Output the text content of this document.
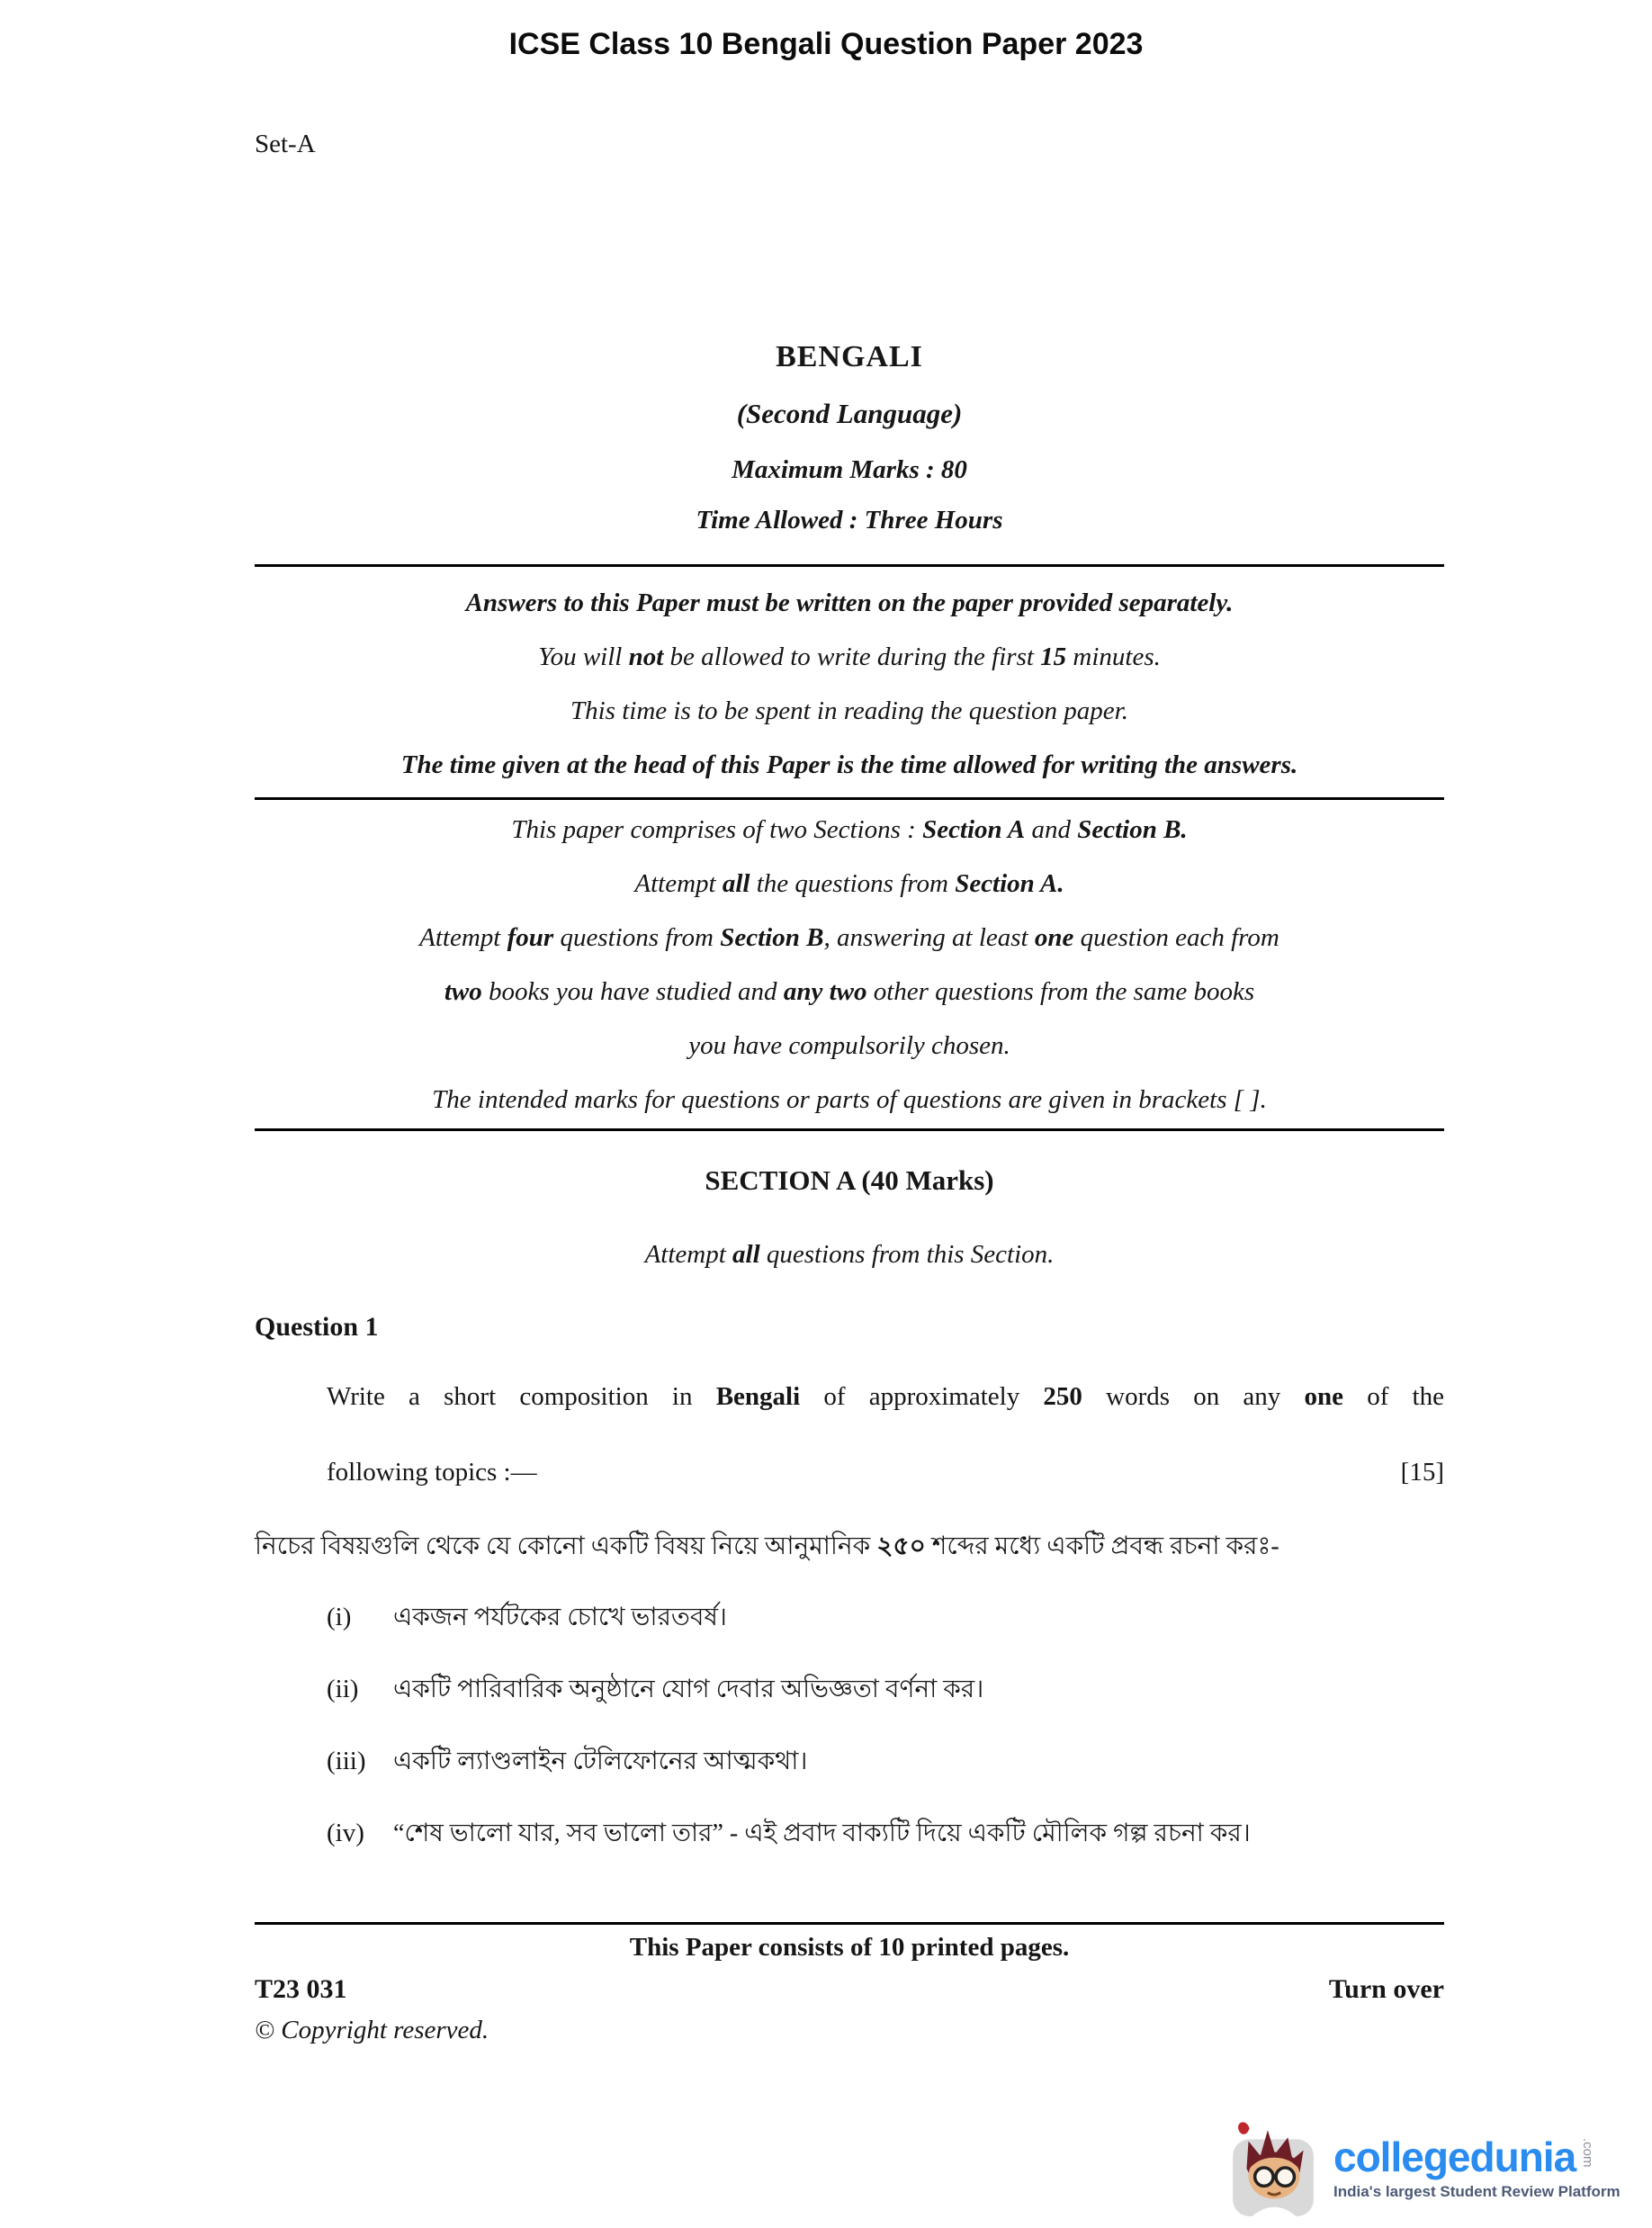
ICSE Class 10 Bengali Question Paper 2023
Set-A
BENGALI
(Second Language)
Maximum Marks : 80
Time Allowed : Three Hours
Answers to this Paper must be written on the paper provided separately.
You will not be allowed to write during the first 15 minutes.
This time is to be spent in reading the question paper.
The time given at the head of this Paper is the time allowed for writing the answers.
This paper comprises of two Sections : Section A and Section B.
Attempt all the questions from Section A.
Attempt four questions from Section B, answering at least one question each from
two books you have studied and any two other questions from the same books
you have compulsorily chosen.
The intended marks for questions or parts of questions are given in brackets [ ].
SECTION A (40 Marks)
Attempt all questions from this Section.
Question 1
Write a short composition in Bengali of approximately 250 words on any one of the
following topics :—	[15]
নিচের বিষয়গুলি থেকে যে কোনো একটি বিষয় নিয়ে আনুমানিক ২৫০ শব্দের মধ্যে একটি প্রবন্ধ রচনা করঃ-
(i)	একজন পর্যটকের চোখে ভারতবর্ষ।
(ii)	একটি পারিবারিক অনুষ্ঠানে যোগ দেবার অভিজ্ঞতা বর্ণনা কর।
(iii)	একটি ল্যাণ্ডলাইন টেলিফোনের আত্মকথা।
(iv)	“শেষ ভালো যার, সব ভালো তার” - এই প্রবাদ বাক্যটি দিয়ে একটি মৌলিক গল্প রচনা কর।
This Paper consists of 10 printed pages.
T23 031	Turn over
© Copyright reserved.
collegedunia .com
India's largest Student Review Platform
